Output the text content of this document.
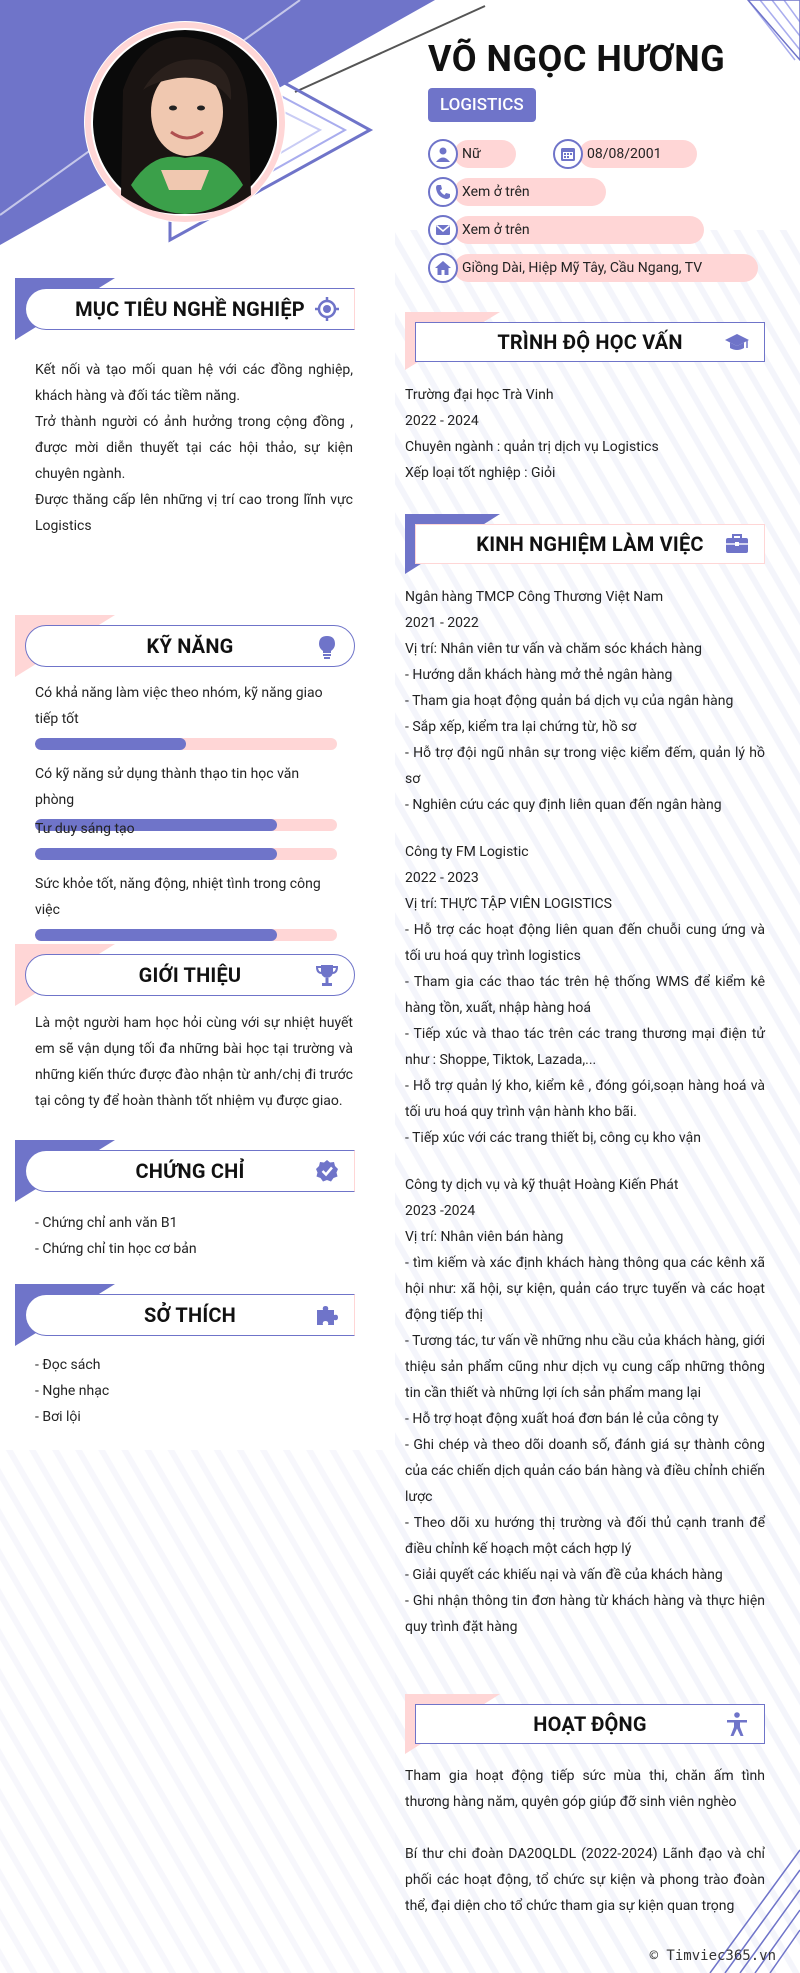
VÕ NGỌC HƯƠNG
LOGISTICS
Nữ	08/08/2001
Xem ở trên
Xem ở trên
Giồng Dài, Hiệp Mỹ Tây, Cầu Ngang, TV
MỤC TIÊU NGHỀ NGHIỆP

Kết nối và tạo mối quan hệ với các đồng nghiệp, khách hàng và đối tác tiềm năng.

Trở thành người có ảnh hưởng trong cộng đồng , được mời diễn thuyết tại các hội thảo, sự kiện chuyên ngành.

Được thăng cấp lên những vị trí cao trong lĩnh vực Logistics

KỸ NĂNG
Có khả năng làm việc theo nhóm, kỹ năng giao tiếp tốt
Có kỹ năng sử dụng thành thạo tin học văn phòng
Tư duy sáng tạo
Sức khỏe tốt, năng động, nhiệt tình trong công việc
GIỚI THIỆU
Là một người ham học hỏi cùng với sự nhiệt huyết em sẽ vận dụng tối đa những bài học tại trường và những kiến thức được đào nhận từ anh/chị đi trước tại công ty để hoàn thành tốt nhiệm vụ được giao.
CHỨNG CHỈ

- Chứng chỉ anh văn B1

- Chứng chỉ tin học cơ bản

SỞ THÍCH

- Đọc sách

- Nghe nhạc

- Bơi lội

TRÌNH ĐỘ HỌC VẤN

Trường đại học Trà Vinh

2022 - 2024

Chuyên ngành : quản trị dịch vụ Logistics

Xếp loại tốt nghiệp : Giỏi

KINH NGHIỆM LÀM VIỆC

Ngân hàng TMCP Công Thương Việt Nam

2021 - 2022

Vị trí: Nhân viên tư vấn và chăm sóc khách hàng

- Hướng dẫn khách hàng mở thẻ ngân hàng

- Tham gia hoạt động quản bá dịch vụ của ngân hàng

- Sắp xếp, kiểm tra lại chứng từ, hồ sơ

- Hỗ trợ đội ngũ nhân sự trong việc kiểm đếm, quản lý hồ sơ

- Nghiên cứu các quy định liên quan đến ngân hàng

Công ty FM Logistic

2022 - 2023

Vị trí: THỰC TẬP VIÊN LOGISTICS

- Hỗ trợ các hoạt động liên quan đến chuỗi cung ứng và tối ưu hoá quy trình logistics

- Tham gia các thao tác trên hệ thống WMS để kiểm kê hàng tồn, xuất, nhập hàng hoá

- Tiếp xúc và thao tác trên các trang thương mại điện tử như : Shoppe, Tiktok, Lazada,...

- Hỗ trợ quản lý kho, kiểm kê , đóng gói,soạn hàng hoá và tối ưu hoá quy trình vận hành kho bãi.

- Tiếp xúc với các trang thiết bị, công cụ kho vận

Công ty dịch vụ và kỹ thuật Hoàng Kiến Phát

2023 -2024

Vị trí: Nhân viên bán hàng

- tìm kiếm và xác định khách hàng thông qua các kênh xã hội như: xã hội, sự kiện, quản cáo trực tuyến và các hoạt động tiếp thị

- Tương tác, tư vấn về những nhu cầu của khách hàng, giới thiệu sản phẩm cũng như dịch vụ cung cấp những thông tin cần thiết và những lợi ích sản phẩm mang lại

- Hỗ trợ hoạt động xuất hoá đơn bán lẻ của công ty

- Ghi chép và theo dõi doanh số, đánh giá sự thành công của các chiến dịch quản cáo bán hàng và điều chỉnh chiến lược

- Theo dõi xu hướng thị trường và đối thủ cạnh tranh để điều chỉnh kế hoạch một cách hợp lý

- Giải quyết các khiếu nại và vấn đề của khách hàng

- Ghi nhận thông tin đơn hàng từ khách hàng và thực hiện quy trình đặt hàng

HOẠT ĐỘNG
Tham gia hoạt động tiếp sức mùa thi, chăn ấm tình thương hàng năm, quyên góp giúp đỡ sinh viên nghèo
Bí thư chi đoàn DA20QLDL (2022-2024) Lãnh đạo và chỉ phối các hoạt động, tổ chức sự kiện và phong trào đoàn thể, đại diện cho tổ chức tham gia sự kiện quan trọng
© Timviec365.vn
